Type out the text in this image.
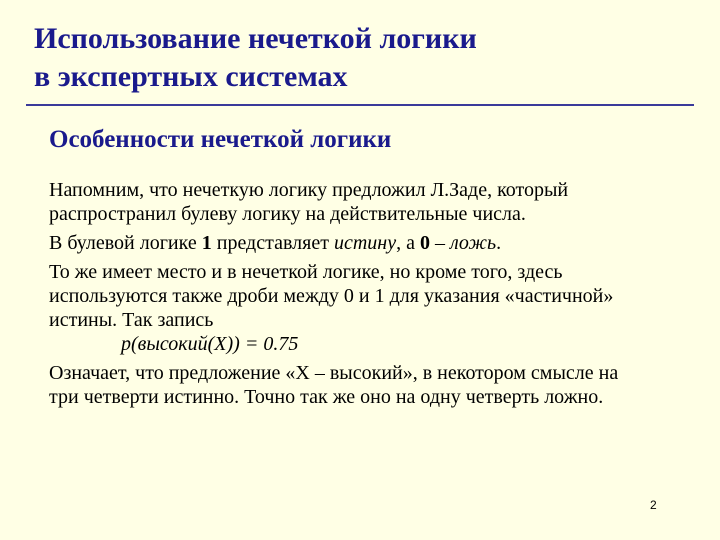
Использование нечеткой логики
в экспертных системах
Особенности нечеткой логики

Напомним, что нечеткую логику предложил Л.Заде, который
распространил булеву логику на действительные числа.

В булевой логике 1 представляет истину, а 0 – ложь.

То же имеет место и в нечеткой логике, но кроме того, здесь
используются также дроби между 0 и 1 для указания «частичной»
истины. Так запись
p(высокий(X)) = 0.75

Означает, что предложение «X – высокий», в некотором смысле на
три четверти истинно. Точно так же оно на одну четверть ложно.

2
